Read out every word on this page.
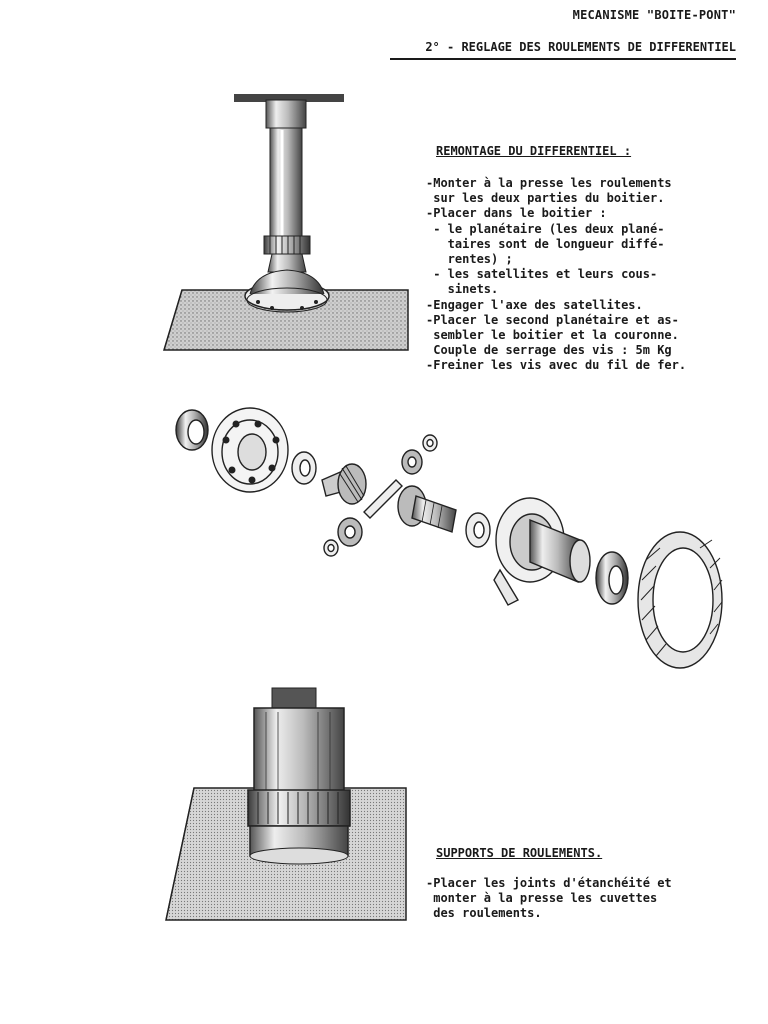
MECANISME "BOITE-PONT"
2° - REGLAGE DES ROULEMENTS DE DIFFERENTIEL
REMONTAGE DU DIFFERENTIEL :
-Monter à la presse les roulements
sur les deux parties du boitier.
-Placer dans le boitier :
- le planétaire (les deux plané-
taires sont de longueur diffé-
rentes) ;
- les satellites et leurs cous-
sinets.
-Engager l'axe des satellites.
-Placer le second planétaire et as-
sembler le boitier et la couronne.
Couple de serrage des vis : 5m Kg
-Freiner les vis avec du fil de fer.
SUPPORTS DE ROULEMENTS.
-Placer les joints d'étanchéité et
monter à la presse les cuvettes
des roulements.
